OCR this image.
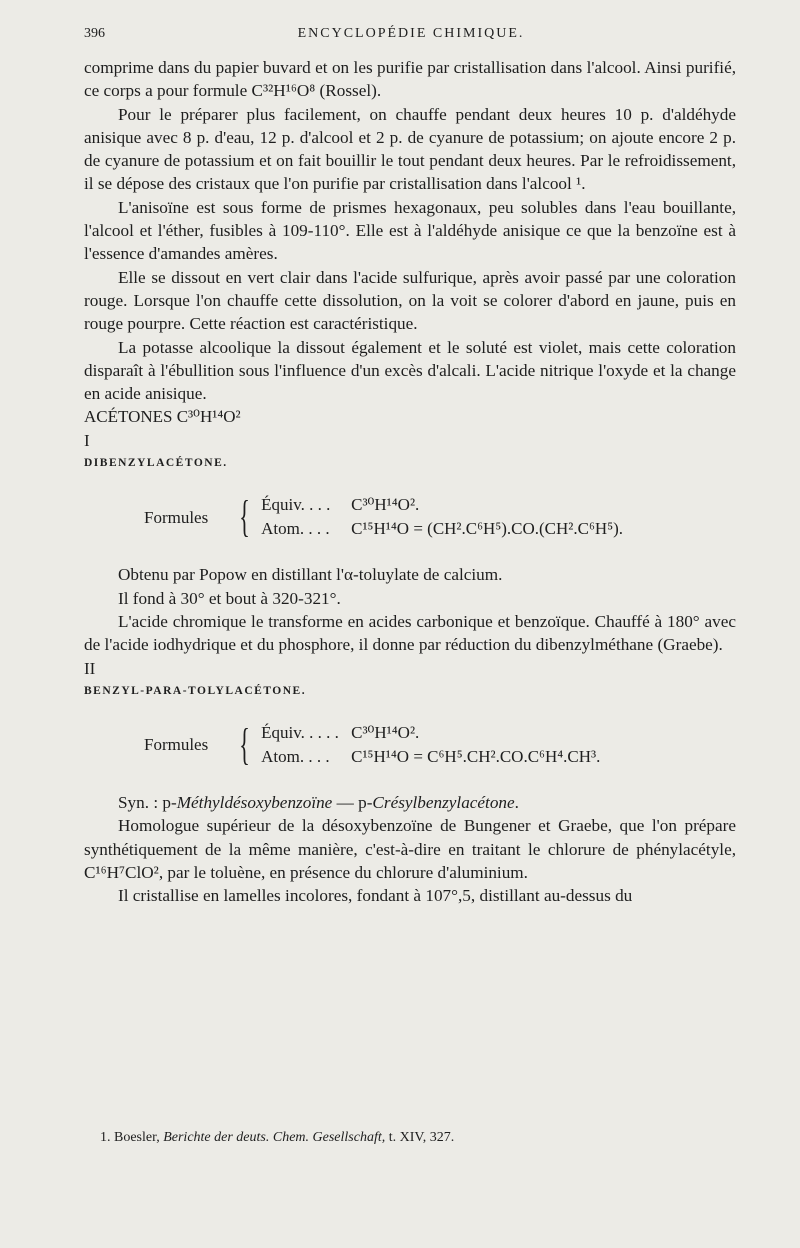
396	ENCYCLOPÉDIE CHIMIQUE.

comprime dans du papier buvard et on les purifie par cristallisation dans l'alcool. Ainsi purifié, ce corps a pour formule C³²H¹⁶O⁸ (Rossel).

Pour le préparer plus facilement, on chauffe pendant deux heures 10 p. d'aldéhyde anisique avec 8 p. d'eau, 12 p. d'alcool et 2 p. de cyanure de potassium; on ajoute encore 2 p. de cyanure de potassium et on fait bouillir le tout pendant deux heures. Par le refroidissement, il se dépose des cristaux que l'on purifie par cristallisation dans l'alcool ¹.

L'anisoïne est sous forme de prismes hexagonaux, peu solubles dans l'eau bouillante, l'alcool et l'éther, fusibles à 109-110°. Elle est à l'aldéhyde anisique ce que la benzoïne est à l'essence d'amandes amères.

Elle se dissout en vert clair dans l'acide sulfurique, après avoir passé par une coloration rouge. Lorsque l'on chauffe cette dissolution, on la voit se colorer d'abord en jaune, puis en rouge pourpre. Cette réaction est caractéristique.

La potasse alcoolique la dissout également et le soluté est violet, mais cette coloration disparaît à l'ébullition sous l'influence d'un excès d'alcali. L'acide nitrique l'oxyde et la change en acide anisique.

ACÉTONES C³⁰H¹⁴O²

I

DIBENZYLACÉTONE.

Formules { Équiv. . . .	C³⁰H¹⁴O².
Atom. . . .	C¹⁵H¹⁴O = (CH².C⁶H⁵).CO.(CH².C⁶H⁵).

Obtenu par Popow en distillant l'α-toluylate de calcium.

Il fond à 30° et bout à 320-321°.

L'acide chromique le transforme en acides carbonique et benzoïque. Chauffé à 180° avec de l'acide iodhydrique et du phosphore, il donne par réduction du dibenzylméthane (Graebe).

II

BENZYL-PARA-TOLYLACÉTONE.

Formules { Équiv. . . . . C³⁰H¹⁴O².
Atom. . . .	C¹⁵H¹⁴O = C⁶H⁵.CH².CO.C⁶H⁴.CH³.

Syn. : p-Méthyldésoxybenzoïne — p-Crésylbenzylacétone.

Homologue supérieur de la désoxybenzoïne de Bungener et Graebe, que l'on prépare synthétiquement de la même manière, c'est-à-dire en traitant le chlorure de phénylacétyle, C¹⁶H⁷ClO², par le toluène, en présence du chlorure d'aluminium.

Il cristallise en lamelles incolores, fondant à 107°,5, distillant au-dessus du

1. Boesler, Berichte der deuts. Chem. Gesellschaft, t. XIV, 327.
